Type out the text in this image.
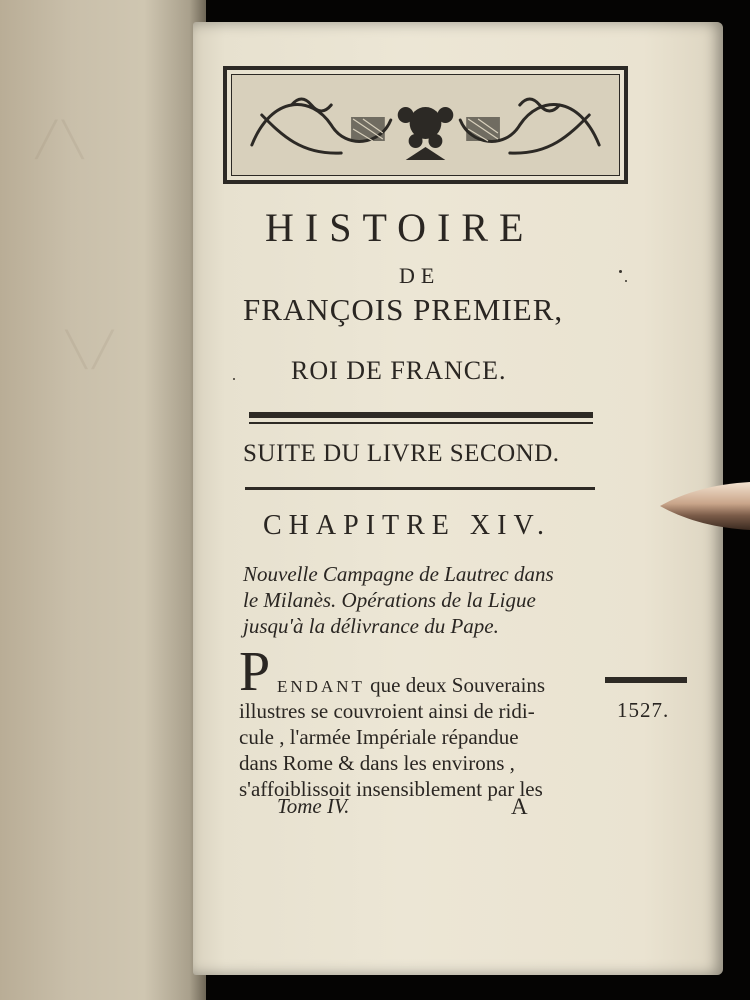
╱╲
╲╱
HISTOIRE
DE
FRANÇOIS PREMIER,
ROI DE FRANCE.
SUITE DU LIVRE SECOND.
CHAPITRE XIV.
Nouvelle Campagne de Lautrec dans
le Milanès. Opérations de la Ligue
jusqu'à la délivrance du Pape.
P ENDANT que deux Souverains
illustres se couvroient ainsi de ridi-
cule , l'armée Impériale répandue
dans Rome & dans les environs ,
s'affoiblissoit insensiblement par les
1527.
Tome IV.	A
